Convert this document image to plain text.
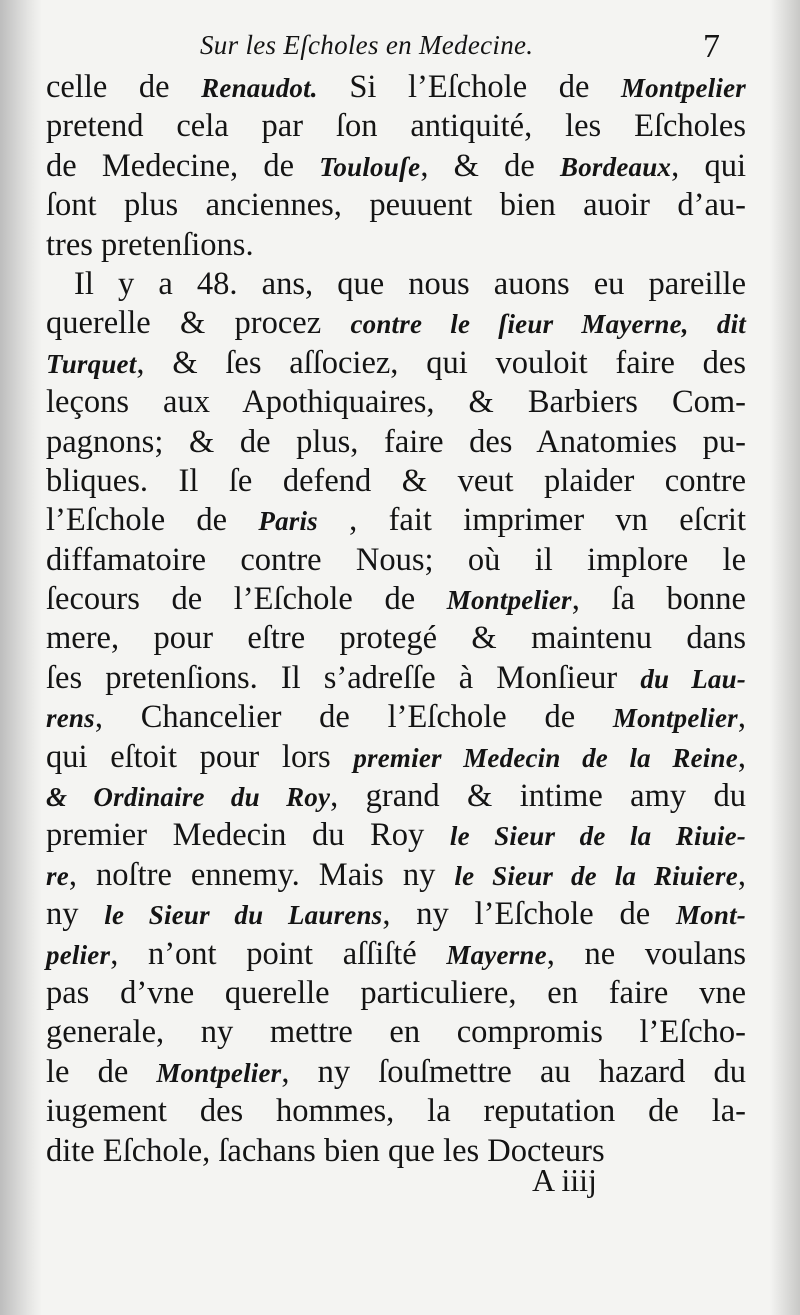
Sur les Eſcholes en Medecine.	7
celle de Renaudot. Si l’Eſchole de Montpelier
pretend cela par ſon antiquité, les Eſcholes
de Medecine, de Toulouſe, & de Bordeaux, qui
ſont plus anciennes, peuuent bien auoir d’au-
tres pretenſions.
Il y a 48. ans, que nous auons eu pareille
querelle & procez contre le ſieur Mayerne, dit
Turquet, & ſes aſſociez, qui vouloit faire des
leçons aux Apothiquaires, & Barbiers Com-
pagnons; & de plus, faire des Anatomies pu-
bliques. Il ſe defend & veut plaider contre
l’Eſchole de Paris , fait imprimer vn eſcrit
diffamatoire contre Nous; où il implore le
ſecours de l’Eſchole de Montpelier, ſa bonne
mere, pour eſtre protegé & maintenu dans
ſes pretenſions. Il s’adreſſe à Monſieur du Lau-
rens, Chancelier de l’Eſchole de Montpelier,
qui eſtoit pour lors premier Medecin de la Reine,
& Ordinaire du Roy, grand & intime amy du
premier Medecin du Roy le Sieur de la Riuie-
re, noſtre ennemy. Mais ny le Sieur de la Riuiere,
ny le Sieur du Laurens, ny l’Eſchole de Mont-
pelier, n’ont point aſſiſté Mayerne, ne voulans
pas d’vne querelle particuliere, en faire vne
generale, ny mettre en compromis l’Eſcho-
le de Montpelier, ny ſouſmettre au hazard du
iugement des hommes, la reputation de la-
dite Eſchole, ſachans bien que les Docteurs
A iiij
